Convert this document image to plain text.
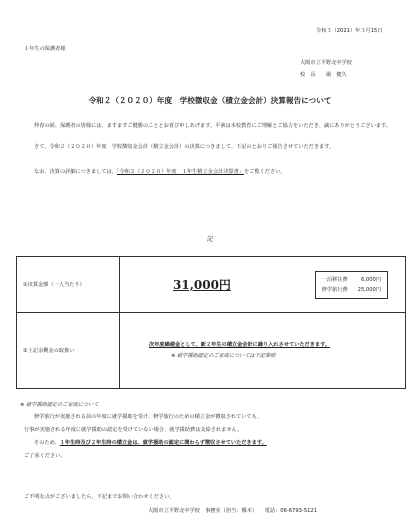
令和３（2021）年３月15日
１年生の保護者様
大阪市立平野北中学校
校　長　　堀　健久
令和２（２０２０）年度　学校徴収金（積立金会計）決算報告について
仲春の候、保護者の皆様には、ますますご健勝のこととお喜び申しあげます。平素は本校教育にご理解とご協力をいただき、誠にありがとうございます。
さて、令和２（２０２０）年度　学校徴収金会計（積立金会計）の決算につきまして、下記のとおりご報告させていただきます。
なお、決算の詳細につきましては、「令和２（２０２０）年度　１年生積立金会計決算書」をご覧ください。
記
①決算金額（一人当たり）	31,000円 一泊移住費 6,000円
修学旅行費 25,000円

②上記余剰金の取扱い	次年度繰越金として、新２年生の積立金会計に繰り入れさせていただきます。
※ 就学援助認定のご家庭については下記参照
※ 就学援助認定のご家庭について
修学旅行が実施される前の年度に就学援助を受け、修学旅行のための積立金が徴収されていても、
行事が実施される年度に就学援助の認定を受けていない場合、就学援助費は支給されません。
そのため、１年生時及び２年生時の積立金は、就学援助の認定に関わらず徴収させていただきます。
ご了承ください。
ご不明な点がございましたら、下記までお問い合わせください。
大阪市立平野北中学校　事務室（担当：橋本）　　電話：06-6793-5121
